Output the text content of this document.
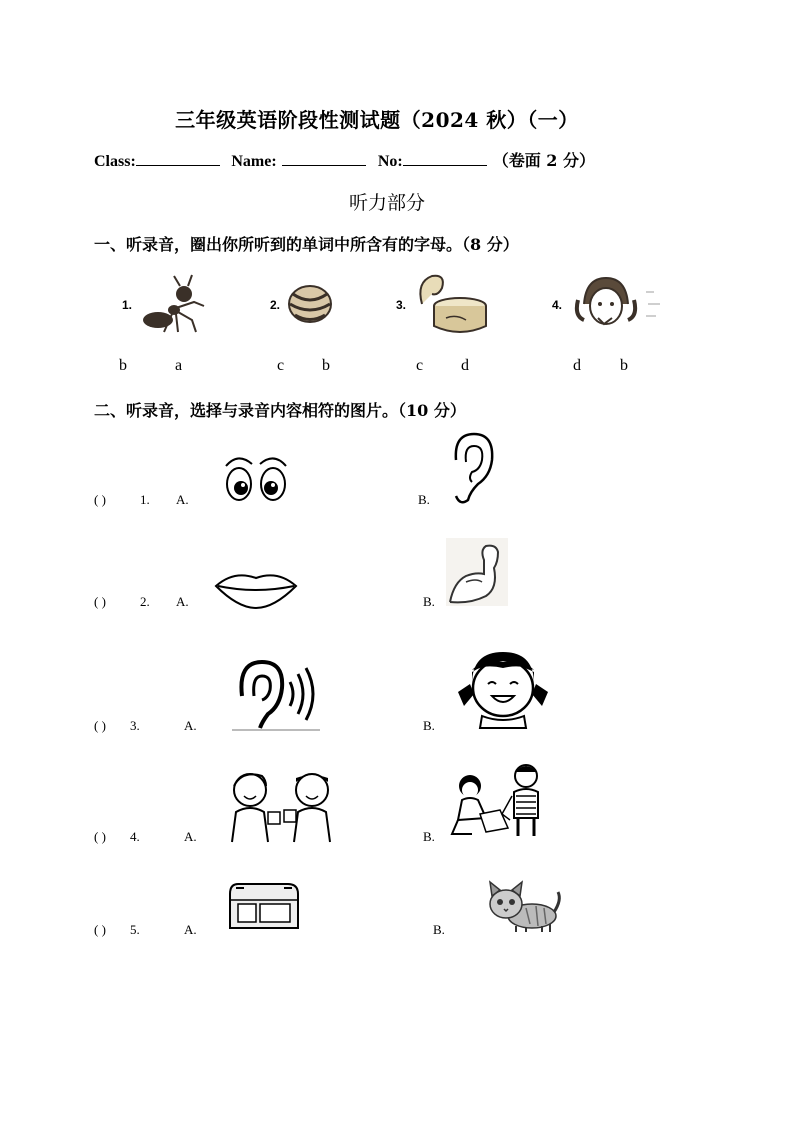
三年级英语阶段性测试题（2024 秋）（一）
Class:	Name:	No:	（卷面 2 分）
听力部分
一、听录音，圈出你所听到的单词中所含有的字母。（8 分）
1.
b	a
2.
c b
3.
c d
4.
d b
二、听录音，选择与录音内容相符的图片。（10 分）
( )	1. A.	B.
( )	2. A.	B.
( ) 3.	A.	B.
( ) 4.	A.	B.
( ) 5.	A.	B.
